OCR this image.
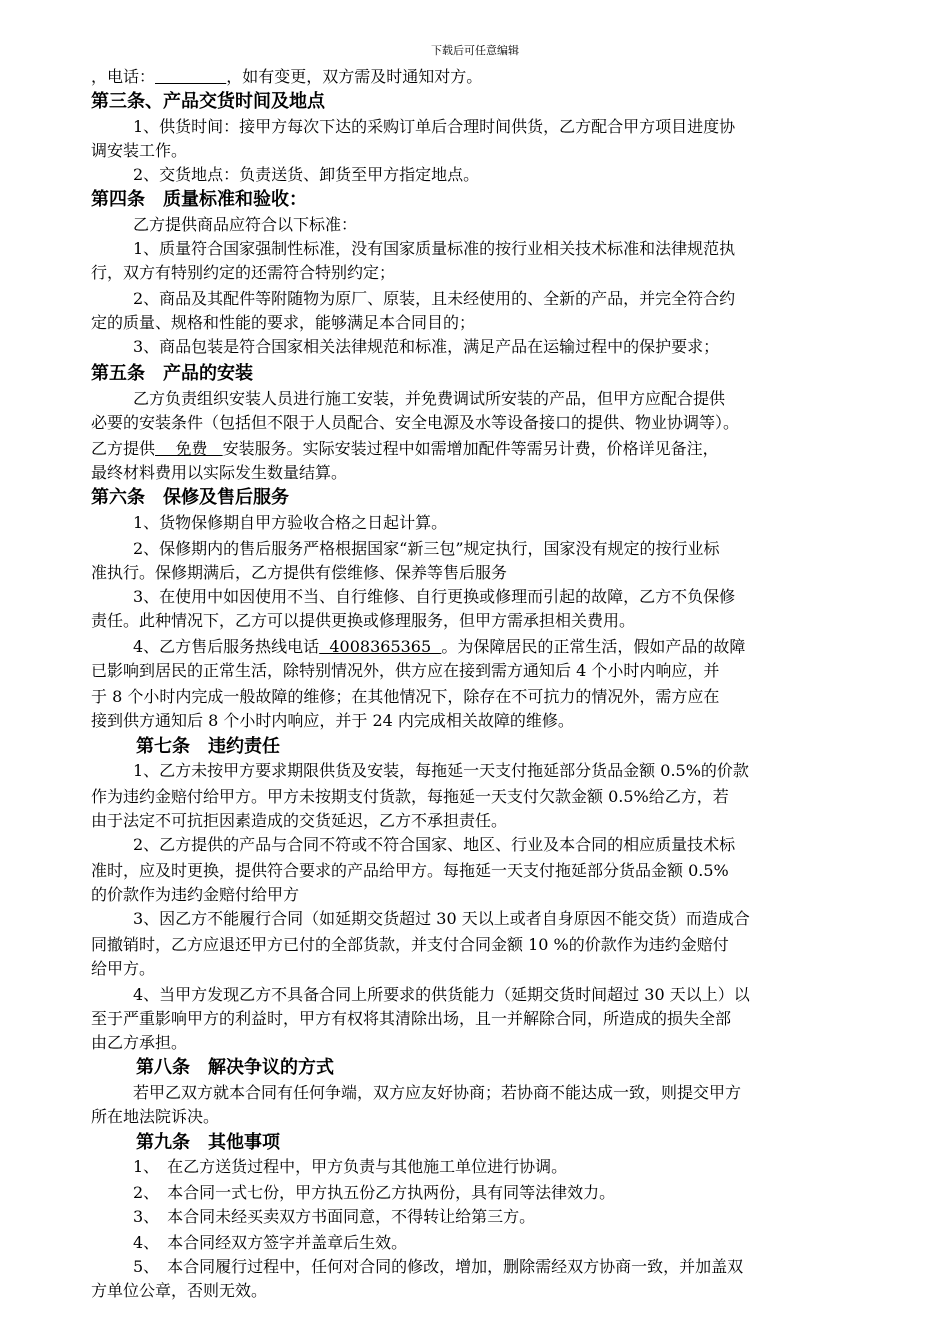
下载后可任意编辑
，电话：	，如有变更，双方需及时通知对方。
第三条、产品交货时间及地点
1、供货时间：接甲方每次下达的采购订单后合理时间供货，乙方配合甲方项目进度协
调安装工作。
2、交货地点：负责送货、卸货至甲方指定地点。
第四条　质量标准和验收：
乙方提供商品应符合以下标准：
1、质量符合国家强制性标准，没有国家质量标准的按行业相关技术标准和法律规范执
行，双方有特别约定的还需符合特别约定；
2、商品及其配件等附随物为原厂、原装，且未经使用的、全新的产品，并完全符合约
定的质量、规格和性能的要求，能够满足本合同目的；
3、商品包装是符合国家相关法律规范和标准，满足产品在运输过程中的保护要求；
第五条　产品的安装
乙方负责组织安装人员进行施工安装，并免费调试所安装的产品，但甲方应配合提供
必要的安装条件（包括但不限于人员配合、安全电源及水等设备接口的提供、物业协调等）。
乙方提供    免费   安装服务。实际安装过程中如需增加配件等需另计费，价格详见备注，
最终材料费用以实际发生数量结算。
第六条　保修及售后服务
1、货物保修期自甲方验收合格之日起计算。
2、保修期内的售后服务严格根据国家“新三包”规定执行，国家没有规定的按行业标
准执行。保修期满后，乙方提供有偿维修、保养等售后服务
3、在使用中如因使用不当、自行维修、自行更换或修理而引起的故障，乙方不负保修
责任。此种情况下，乙方可以提供更换或修理服务，但甲方需承担相关费用。
4、乙方售后服务热线电话  4008365365  。为保障居民的正常生活，假如产品的故障
已影响到居民的正常生活，除特别情况外，供方应在接到需方通知后 4 个小时内响应，并
于 8 个小时内完成一般故障的维修；在其他情况下，除存在不可抗力的情况外，需方应在
接到供方通知后 8 个小时内响应，并于 24 内完成相关故障的维修。
第七条　违约责任
1、乙方未按甲方要求期限供货及安装，每拖延一天支付拖延部分货品金额 0.5%的价款
作为违约金赔付给甲方。甲方未按期支付货款，每拖延一天支付欠款金额 0.5%给乙方，若
由于法定不可抗拒因素造成的交货延迟，乙方不承担责任。
2、乙方提供的产品与合同不符或不符合国家、地区、行业及本合同的相应质量技术标
准时，应及时更换，提供符合要求的产品给甲方。每拖延一天支付拖延部分货品金额 0.5%
的价款作为违约金赔付给甲方
3、因乙方不能履行合同（如延期交货超过 30 天以上或者自身原因不能交货）而造成合
同撤销时，乙方应退还甲方已付的全部货款，并支付合同金额 10 %的价款作为违约金赔付
给甲方。
4、当甲方发现乙方不具备合同上所要求的供货能力（延期交货时间超过 30 天以上）以
至于严重影响甲方的利益时，甲方有权将其清除出场，且一并解除合同，所造成的损失全部
由乙方承担。
第八条　解决争议的方式
若甲乙双方就本合同有任何争端，双方应友好协商；若协商不能达成一致，则提交甲方
所在地法院诉决。
第九条　其他事项
1、　在乙方送货过程中，甲方负责与其他施工单位进行协调。
2、　本合同一式七份，甲方执五份乙方执两份，具有同等法律效力。
3、　本合同未经买卖双方书面同意，不得转让给第三方。
4、　本合同经双方签字并盖章后生效。
5、　本合同履行过程中，任何对合同的修改，增加，删除需经双方协商一致，并加盖双
方单位公章，否则无效。
